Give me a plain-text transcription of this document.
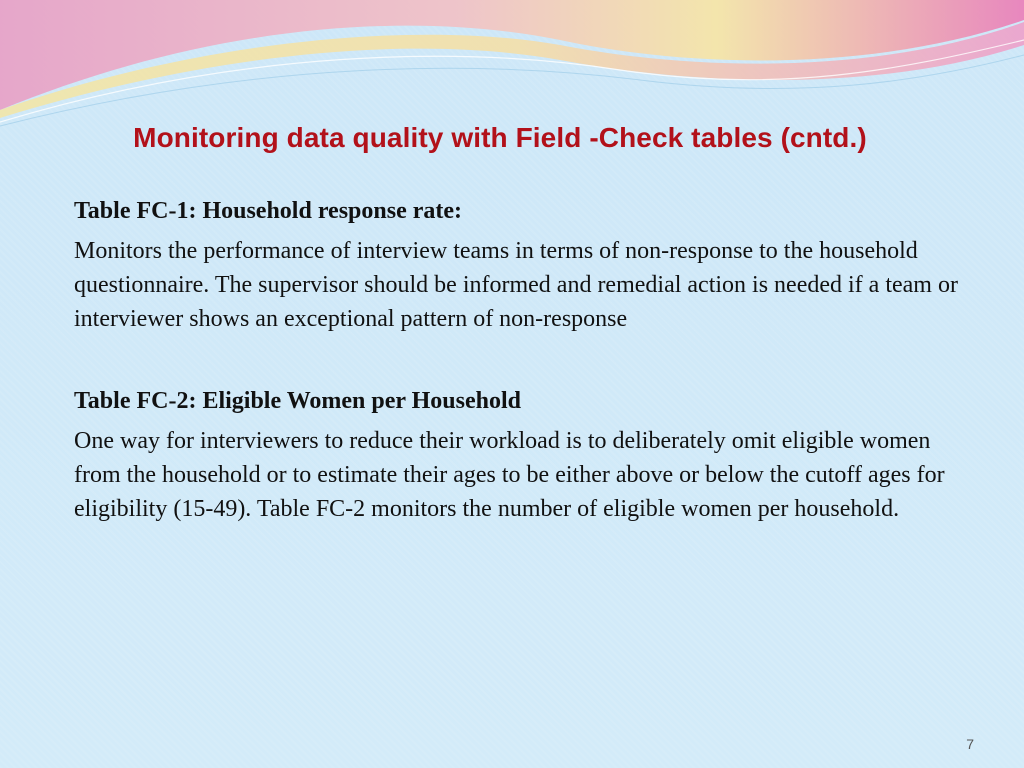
Monitoring data quality with Field -Check tables (cntd.)

Table FC-1: Household response rate:

Monitors the performance of interview teams in terms of non-response to the household questionnaire. The supervisor should be informed and remedial action is needed if a team or interviewer shows an exceptional pattern of non-response

Table FC-2: Eligible Women per Household

One way for interviewers to reduce their workload is to deliberately omit eligible women from the household or to estimate their ages to be either above or below the cutoff ages for eligibility (15-49). Table FC-2 monitors the number of eligible women per household.

7
